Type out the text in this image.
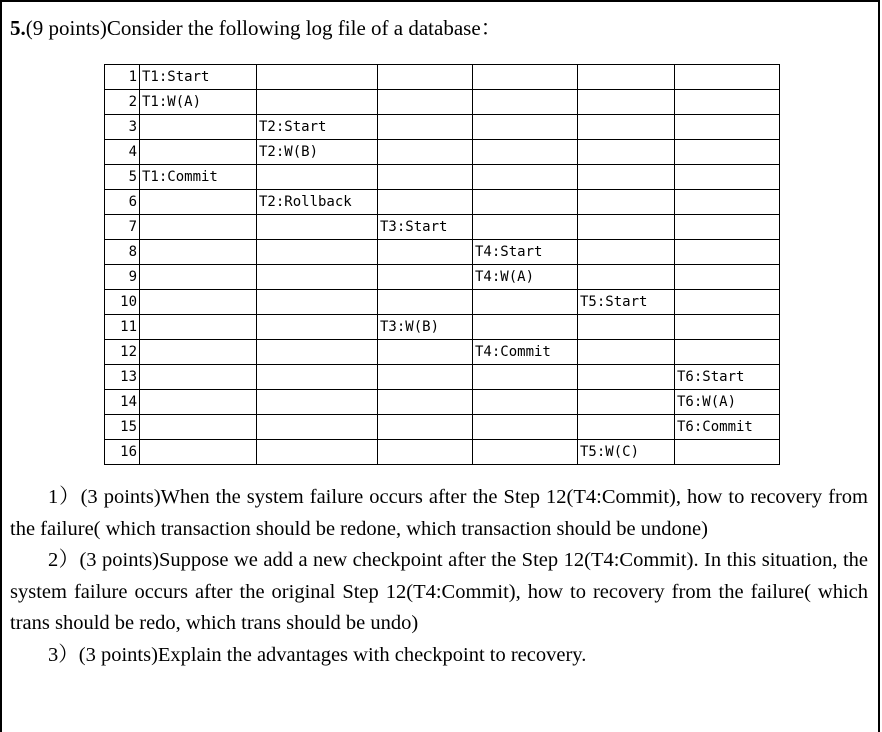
5.(9 points)Consider the following log file of a database：
1	T1:Start					
2	T1:W(A)					
3		T2:Start				
4		T2:W(B)				
5	T1:Commit					
6		T2:Rollback				
7			T3:Start			
8				T4:Start		
9				T4:W(A)		
10					T5:Start	
11			T3:W(B)			
12				T4:Commit		
13						T6:Start
14						T6:W(A)
15						T6:Commit
16					T5:W(C)	

1）(3 points)When the system failure occurs after the Step 12(T4:Commit), how to recovery from the failure( which transaction should be redone, which transaction should be undone)

2）(3 points)Suppose we add a new checkpoint after the Step 12(T4:Commit). In this situation, the system failure occurs after the original Step 12(T4:Commit), how to recovery from the failure( which trans should be redo, which trans should be undo)

3）(3 points)Explain the advantages with checkpoint to recovery.
